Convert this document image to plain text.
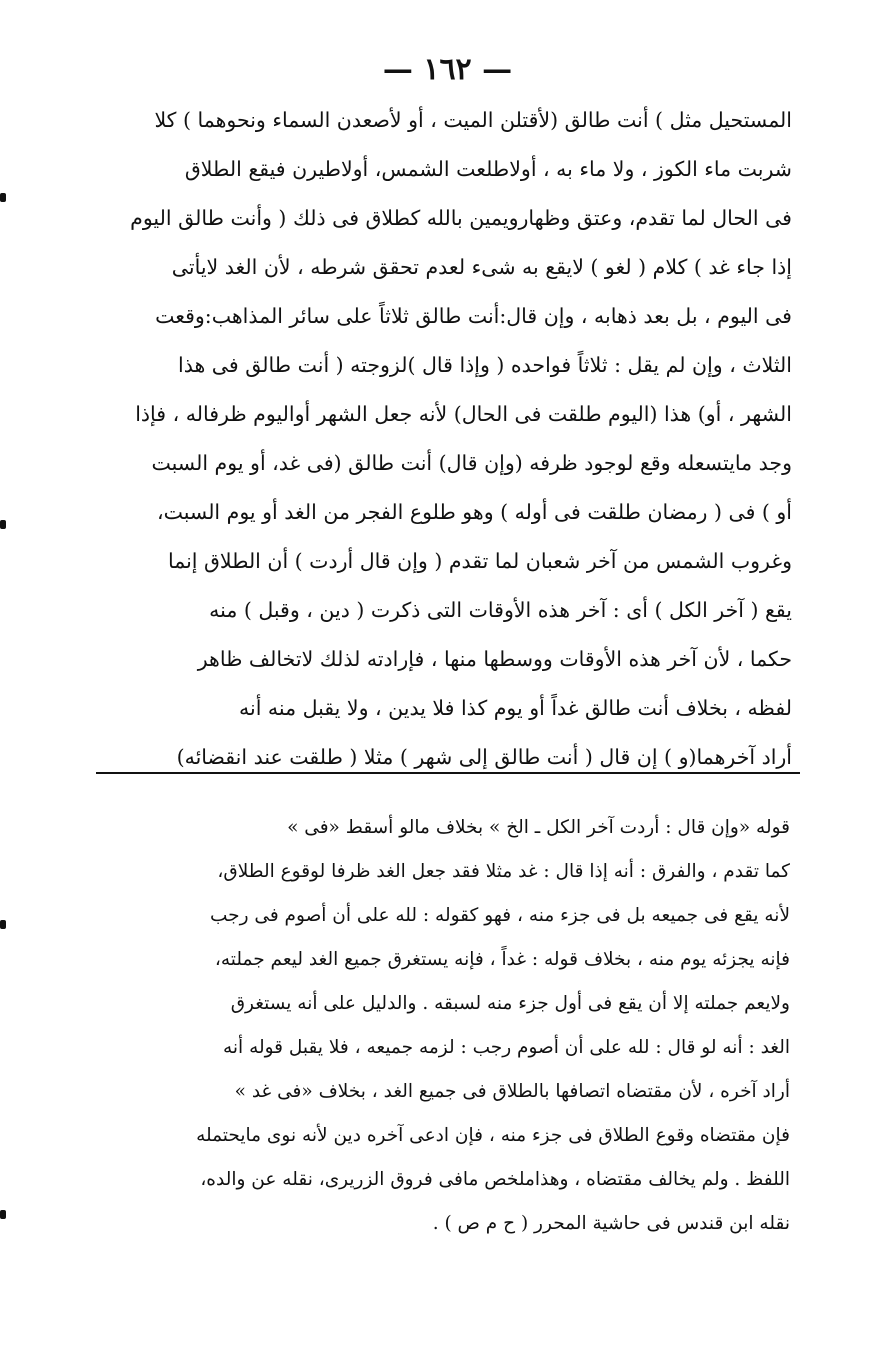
— ١٦٢ —
المستحيل مثل ) أنت طالق (لأقتلن الميت ، أو لأصعدن السماء ونحوهما ) كلا
شربت ماء الكوز ، ولا ماء به ، أولاطلعت الشمس، أولاطيرن فيقع الطلاق
فى الحال لما تقدم، وعتق وظهارويمين بالله كطلاق فى ذلك ( وأنت طالق اليوم
إذا جاء غد ) كلام ( لغو ) لايقع به شىء لعدم تحقق شرطه ، لأن الغد لايأتى
فى اليوم ، بل بعد ذهابه ، وإن قال:أنت طالق ثلاثاً على سائر المذاهب:وقعت
الثلاث ، وإن لم يقل : ثلاثاً فواحده ( وإذا قال )لزوجته ( أنت طالق فى هذا
الشهر ، أو) هذا (اليوم طلقت فى الحال) لأنه جعل الشهر أواليوم ظرفاله ، فإذا
وجد مايتسعله وقع لوجود ظرفه (وإن قال) أنت طالق (فى غد، أو يوم السبت
أو ) فى ( رمضان طلقت فى أوله ) وهو طلوع الفجر من الغد أو يوم السبت،
وغروب الشمس من آخر شعبان لما تقدم ( وإن قال أردت ) أن الطلاق إنما
يقع ( آخر الكل ) أى : آخر هذه الأوقات التى ذكرت ( دين ، وقبل ) منه
حكما ، لأن آخر هذه الأوقات ووسطها منها ، فإرادته لذلك لاتخالف ظاهر
لفظه ، بخلاف أنت طالق غداً أو يوم كذا فلا يدين ، ولا يقبل منه أنه
أراد آخرهما(و ) إن قال ( أنت طالق إلى شهر ) مثلا ( طلقت عند انقضائه)
قوله «وإن قال : أردت آخر الكل ـ الخ » بخلاف مالو أسقط «فى »
كما تقدم ، والفرق : أنه إذا قال : غد مثلا فقد جعل الغد ظرفا لوقوع الطلاق،
لأنه يقع فى جميعه بل فى جزء منه ، فهو كقوله : لله على أن أصوم فى رجب
فإنه يجزئه يوم منه ، بخلاف قوله : غداً ، فإنه يستغرق جميع الغد ليعم جملته،
ولايعم جملته إلا أن يقع فى أول جزء منه لسبقه . والدليل على أنه يستغرق
الغد : أنه لو قال : لله على أن أصوم رجب : لزمه جميعه ، فلا يقبل قوله أنه
أراد آخره ، لأن مقتضاه اتصافها بالطلاق فى جميع الغد ، بخلاف «فى غد »
فإن مقتضاه وقوع الطلاق فى جزء منه ، فإن ادعى آخره دين لأنه نوى مايحتمله
اللفظ . ولم يخالف مقتضاه ، وهذاملخص مافى فروق الزريرى، نقله عن والده،
نقله ابن قندس فى حاشية المحرر ( ح م ص ) .
